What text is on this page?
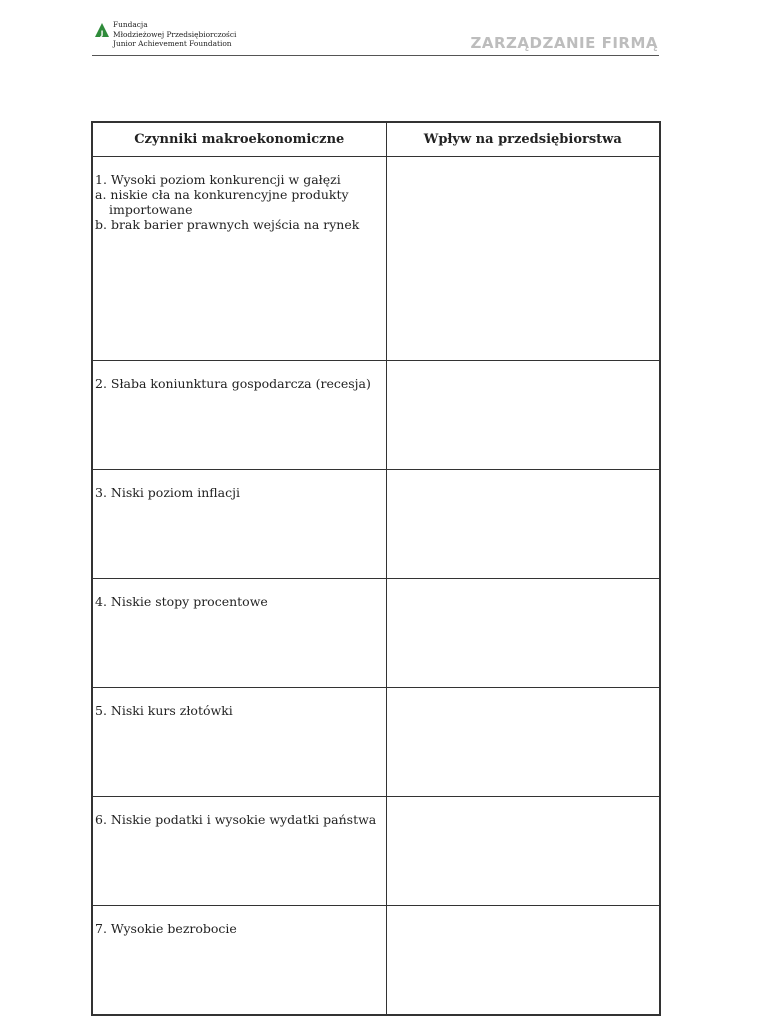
J
Fundacja
Młodzieżowej Przedsiębiorczości
Junior Achievement Foundation	ZARZĄDZANIE FIRMĄ
Czynniki makroekonomiczne	Wpływ na przedsiębiorstwa

1. Wysoki poziom konkurencji w gałęzi
a. niskie cła na konkurencyjne produkty
importowane
b. brak barier prawnych wejścia na rynek	

2. Słaba koniunktura gospodarcza (recesja)	

3. Niski poziom inflacji	

4. Niskie stopy procentowe	

5. Niski kurs złotówki	

6. Niskie podatki i wysokie wydatki państwa	

7. Wysokie bezrobocie	
